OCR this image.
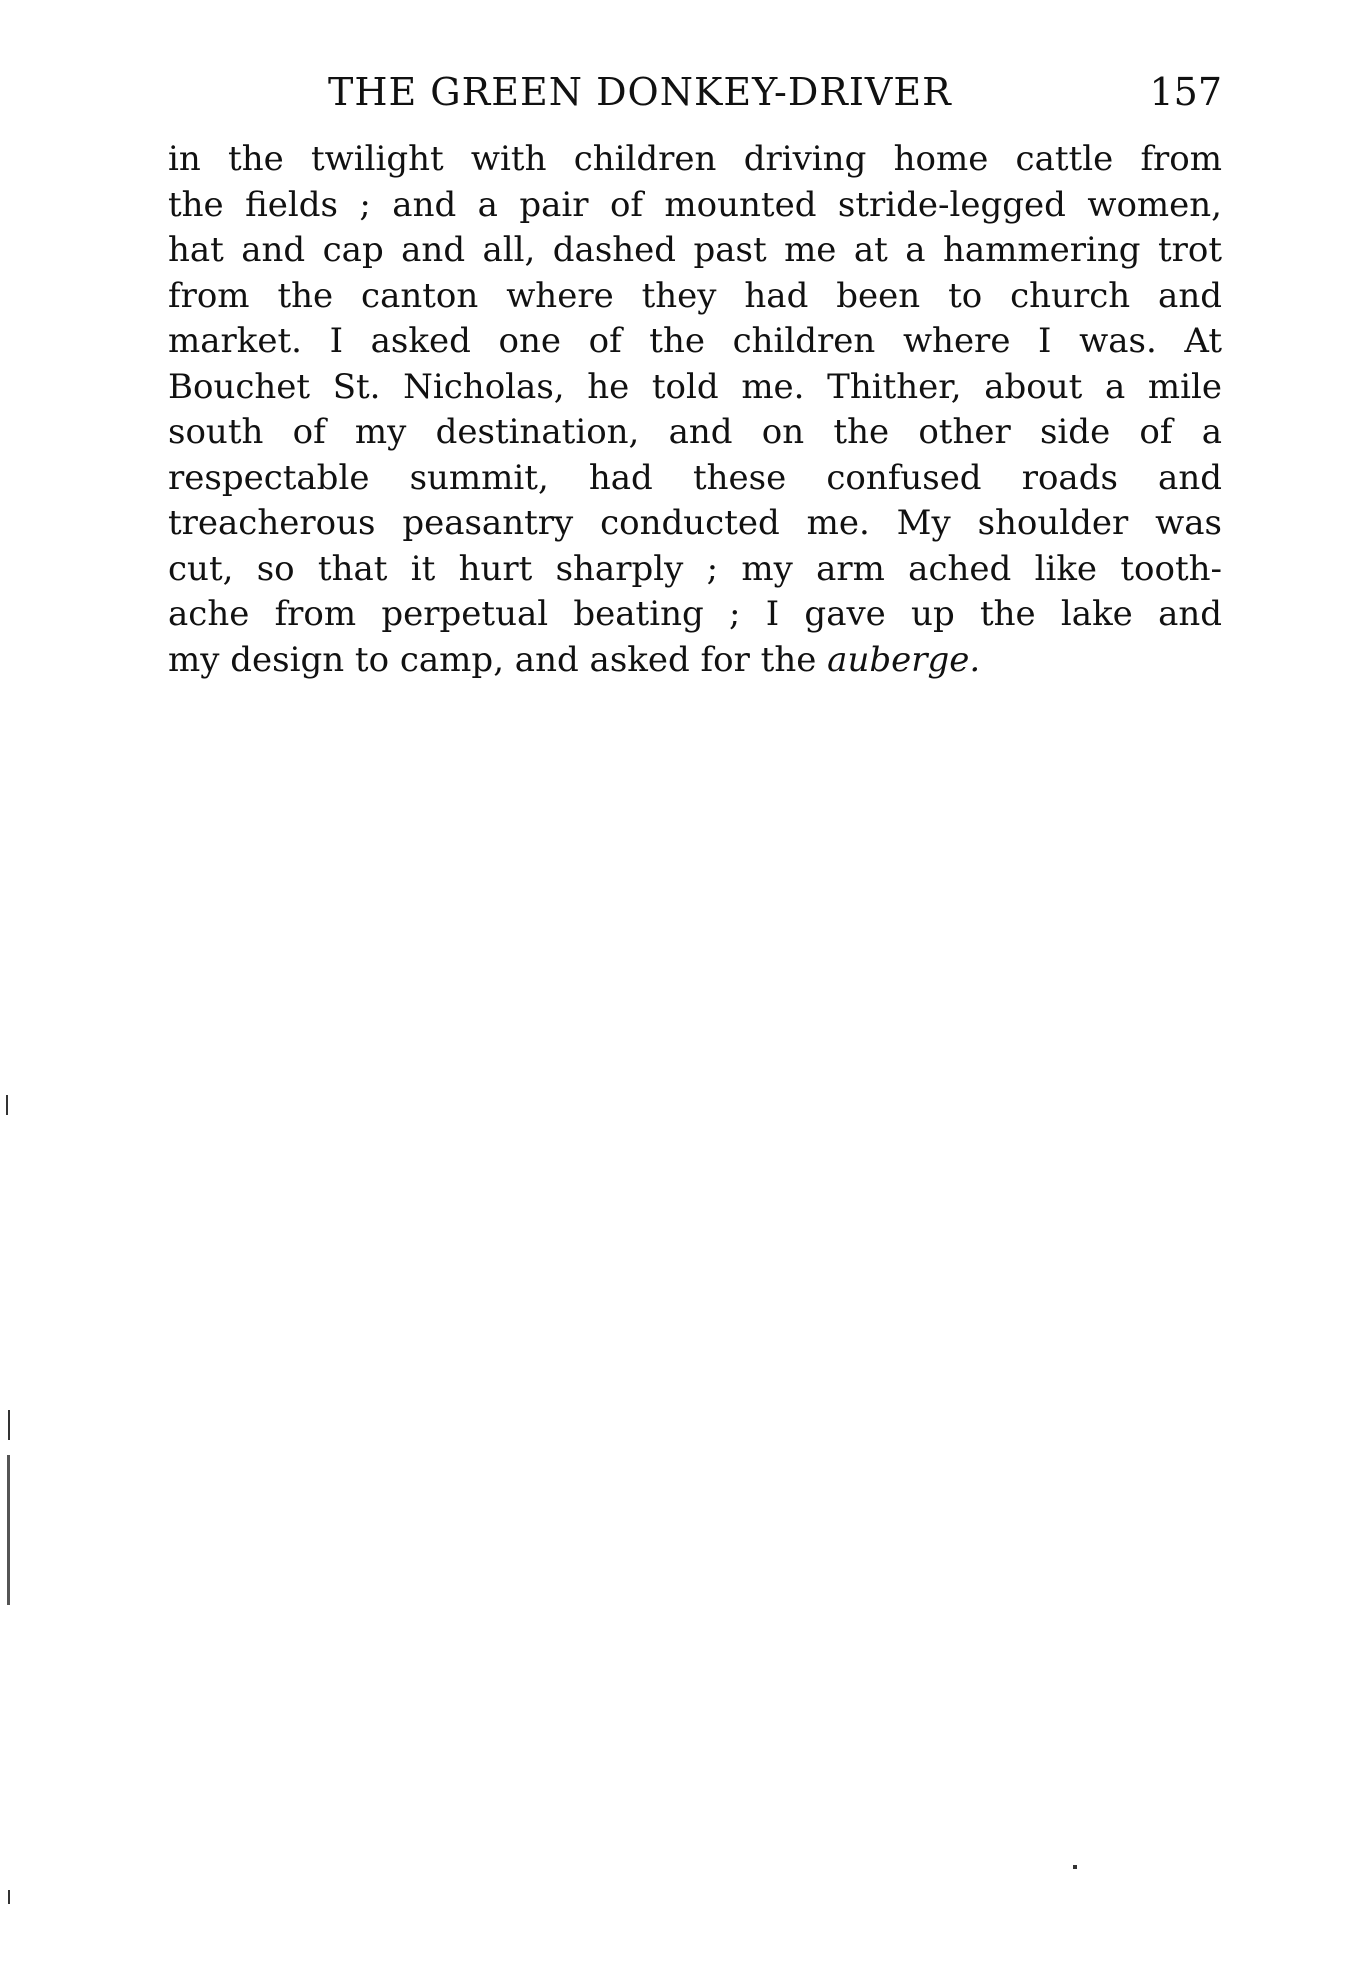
THE GREEN DONKEY-DRIVER	157
in the twilight with children driving home cattle from
the fields ; and a pair of mounted stride-legged women,
hat and cap and all, dashed past me at a hammering trot
from the canton where they had been to church and
market. I asked one of the children where I was. At
Bouchet St. Nicholas, he told me. Thither, about a mile
south of my destination, and on the other side of a
respectable summit, had these confused roads and
treacherous peasantry conducted me. My shoulder was
cut, so that it hurt sharply ; my arm ached like tooth-
ache from perpetual beating ; I gave up the lake and
my design to camp, and asked for the auberge.
